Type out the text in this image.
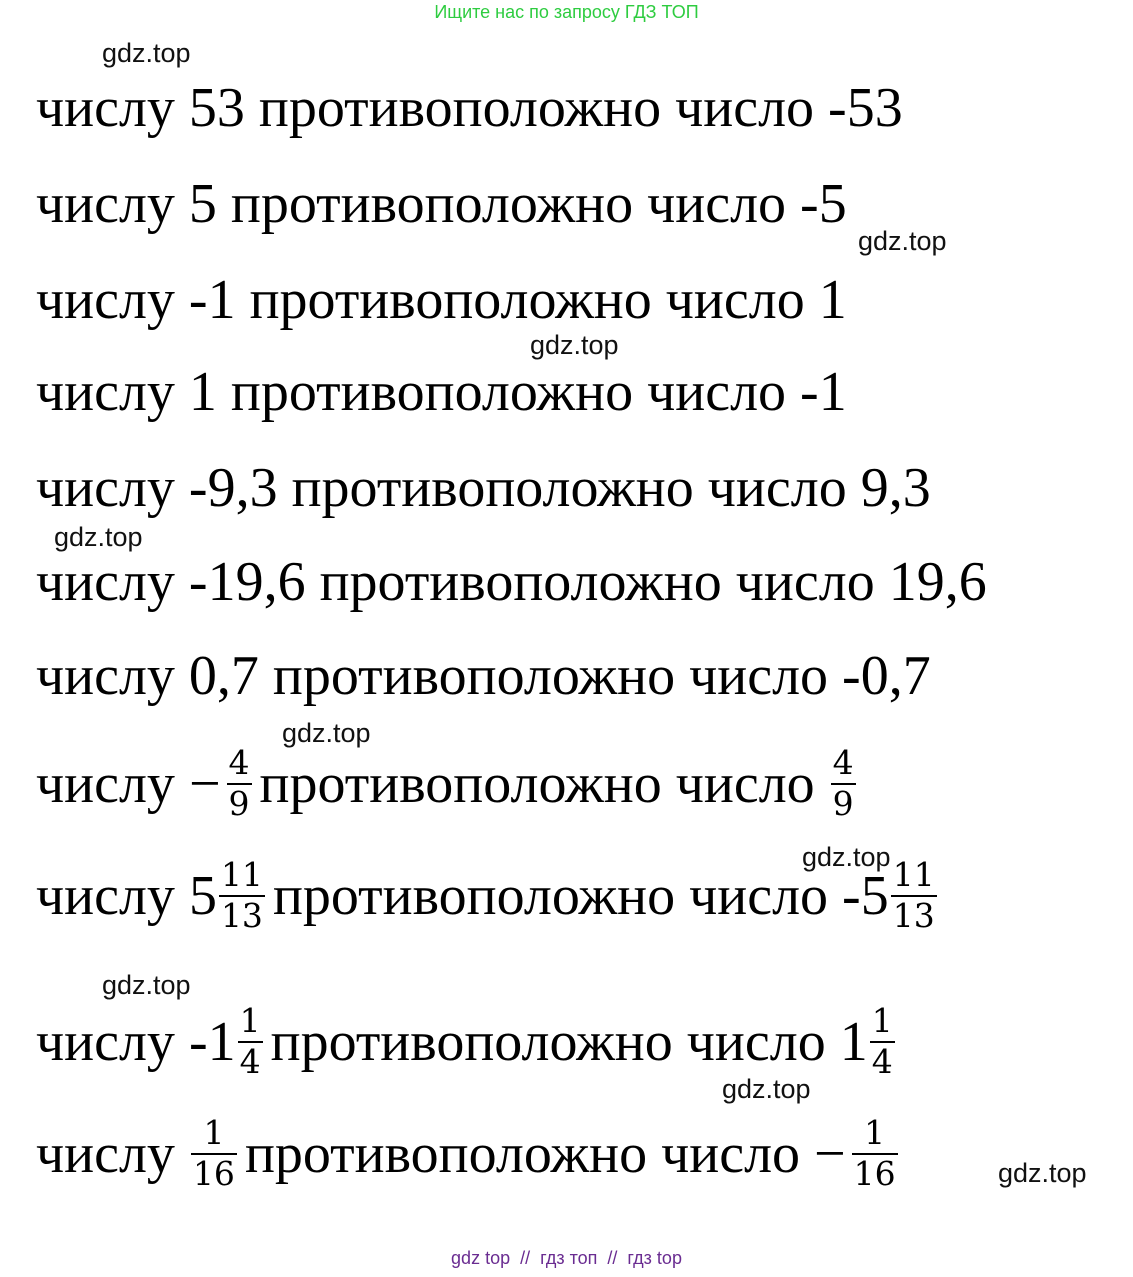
Ищите нас по запросу ГДЗ ТОП
gdz.top
gdz.top
gdz.top
gdz.top
gdz.top
gdz.top
gdz.top
gdz.top
gdz.top
числу 53 противоположно число -53
числу 5 противоположно число -5
числу -1 противоположно число 1
числу 1 противоположно число -1
числу -9,3 противоположно число 9,3
числу -19,6 противоположно число 19,6
числу 0,7 противоположно число -0,7
числу − $\frac{4}{9}$ противоположно число $\frac{4}{9}$
числу $5 \frac{11}{13}$ противоположно число $-5 \frac{11}{13}$
числу $-1 \frac{1}{4}$ противоположно число $1 \frac{1}{4}$
числу $\frac{1}{16}$ противоположно число − $\frac{1}{16}$
gdz top  //  гдз топ  //  гдз top
